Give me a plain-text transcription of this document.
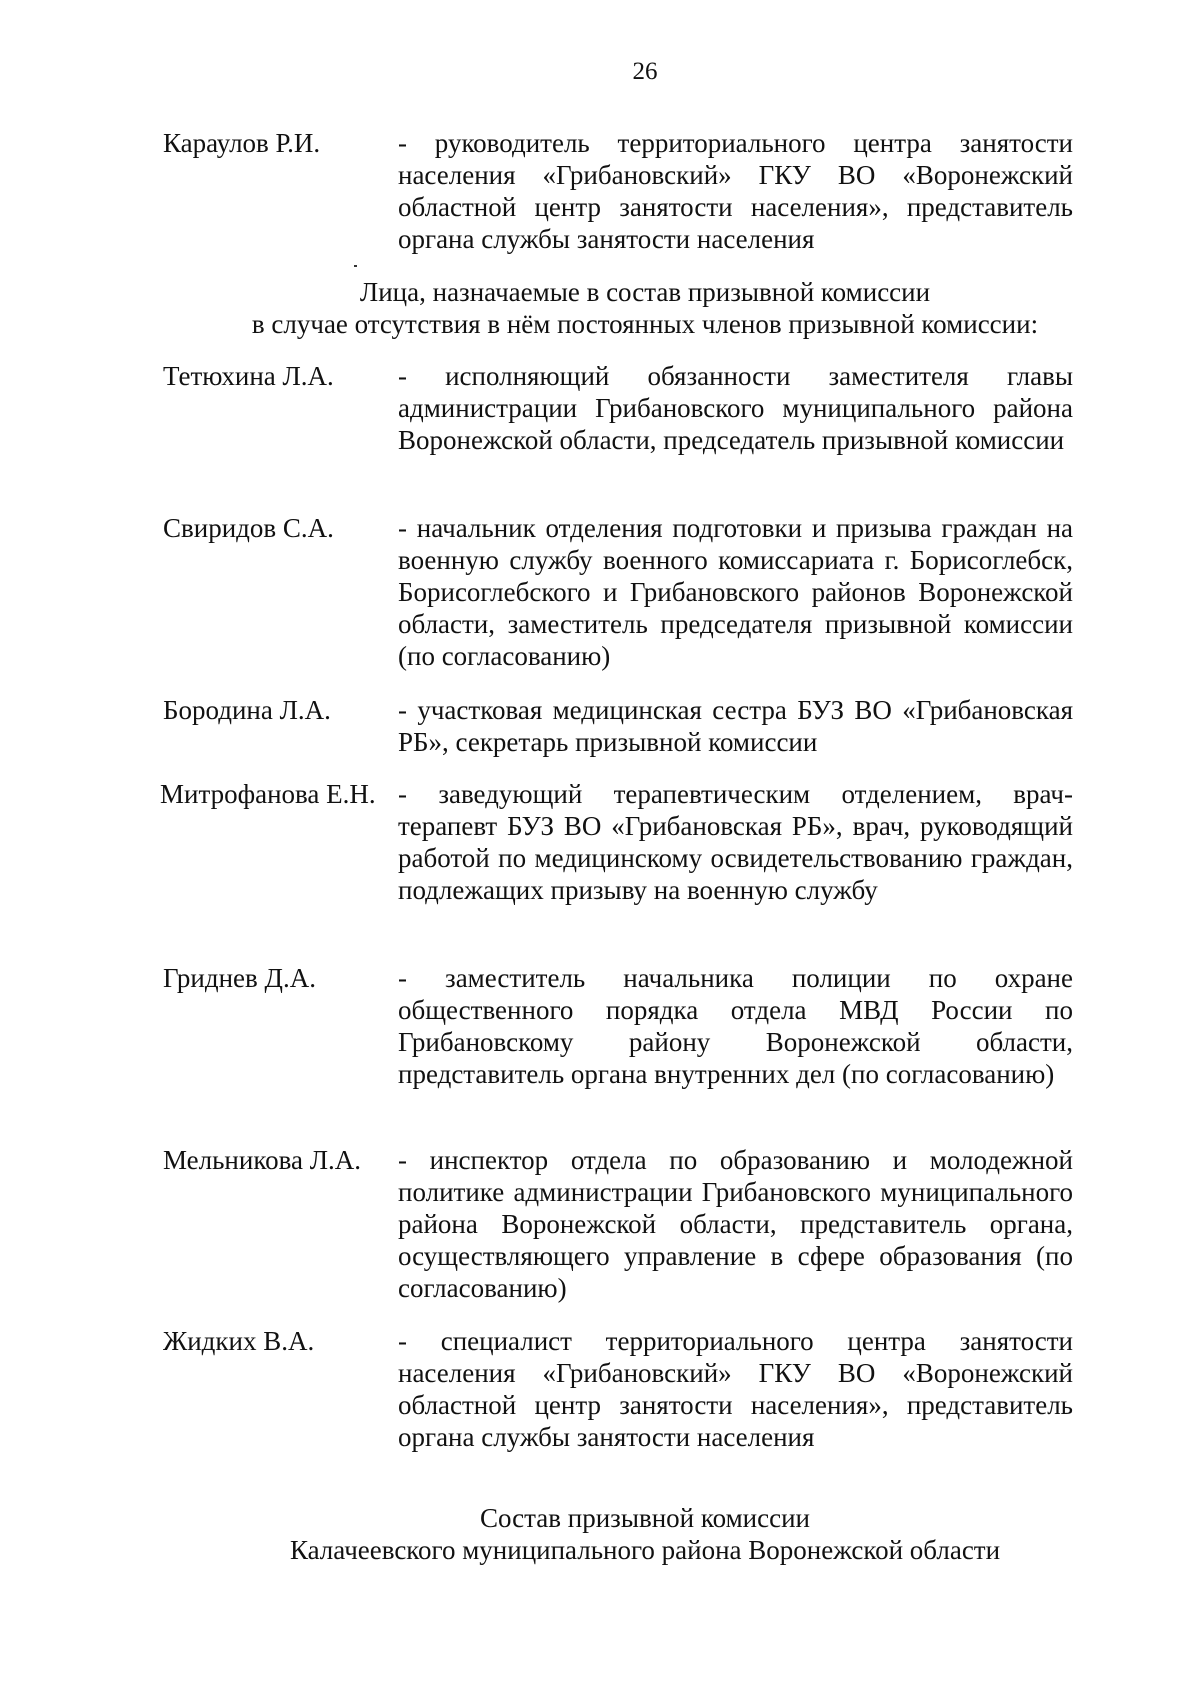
26
Караулов Р.И.	- руководитель территориального центра занятости населения «Грибановский» ГКУ ВО «Воронежский областной центр занятости населения», представитель органа службы занятости населения
Лица, назначаемые в состав призывной комиссии
в случае отсутствия в нём постоянных членов призывной комиссии:
Тетюхина Л.А. - исполняющий обязанности заместителя главы администрации Грибановского муниципального района Воронежской области, председатель призывной комиссии
Свиридов С.А. - начальник отделения подготовки и призыва граждан на военную службу военного комиссариата г. Борисоглебск, Борисоглебского и Грибановского районов Воронежской области, заместитель председателя призывной комиссии (по согласованию)
Бородина Л.А. - участковая медицинская сестра БУЗ ВО «Грибановская РБ», секретарь призывной комиссии
Митрофанова Е.Н. - заведующий терапевтическим отделением, врач-терапевт БУЗ ВО «Грибановская РБ», врач, руководящий работой по медицинскому освидетельствованию граждан, подлежащих призыву на военную службу
Гриднев Д.А.	- заместитель начальника полиции по охране общественного порядка отдела МВД России по Грибановскому району Воронежской области, представитель органа внутренних дел (по согласованию)
Мельникова Л.А. - инспектор отдела по образованию и молодежной политике администрации Грибановского муниципального района Воронежской области, представитель органа, осуществляющего управление в сфере образования (по согласованию)
Жидких В.А.	- специалист территориального центра занятости населения «Грибановский» ГКУ ВО «Воронежский областной центр занятости населения», представитель органа службы занятости населения
Состав призывной комиссии
Калачеевского муниципального района Воронежской области
